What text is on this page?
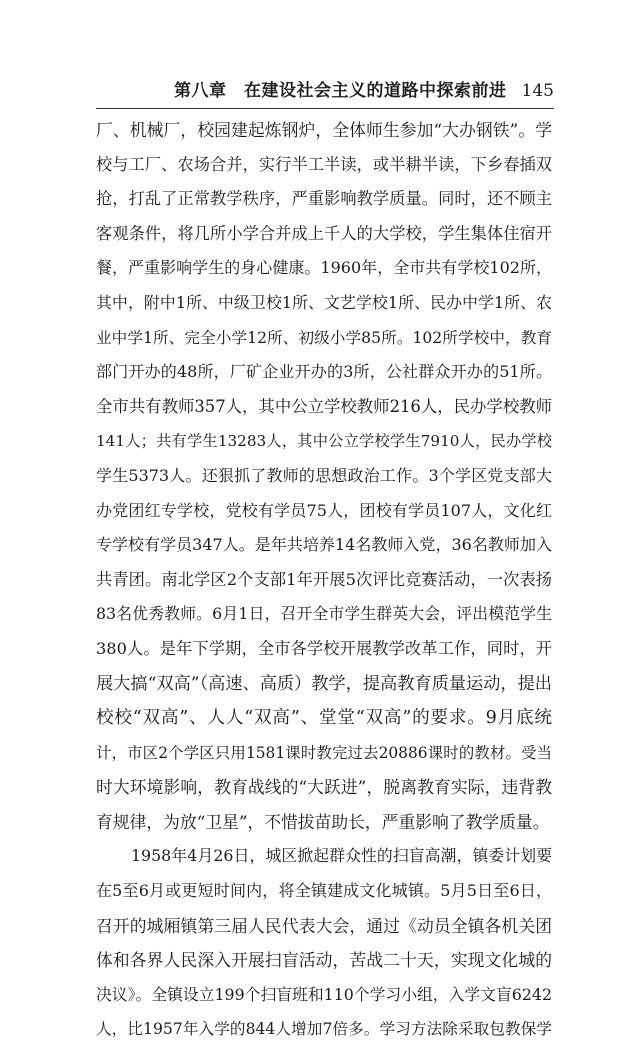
第八章　在建设社会主义的道路中探索前进 145
厂、机械厂，校园建起炼钢炉，全体师生参加“大办钢铁”。学
校与工厂、农场合并，实行半工半读，或半耕半读，下乡春插双
抢，打乱了正常教学秩序，严重影响教学质量。同时，还不顾主
客观条件，将几所小学合并成上千人的大学校，学生集体住宿开
餐，严重影响学生的身心健康。1960年，全市共有学校102所，
其中，附中1所、中级卫校1所、文艺学校1所、民办中学1所、农
业中学1所、完全小学12所、初级小学85所。102所学校中，教育
部门开办的48所，厂矿企业开办的3所，公社群众开办的51所。
全市共有教师357人，其中公立学校教师216人，民办学校教师
141人；共有学生13283人，其中公立学校学生7910人，民办学校
学生5373人。还狠抓了教师的思想政治工作。3个学区党支部大
办党团红专学校，党校有学员75人，团校有学员107人，文化红
专学校有学员347人。是年共培养14名教师入党，36名教师加入
共青团。南北学区2个支部1年开展5次评比竞赛活动，一次表扬
83名优秀教师。6月1日，召开全市学生群英大会，评出模范学生
380人。是年下学期，全市各学校开展教学改革工作，同时，开
展大搞“双高”（高速、高质）教学，提高教育质量运动，提出
校校“双高”、人人“双高”、堂堂“双高”的要求。9月底统
计，市区2个学区只用1581课时教完过去20886课时的教材。受当
时大环境影响，教育战线的“大跃进”，脱离教育实际，违背教
育规律，为放“卫星”，不惜拔苗助长，严重影响了教学质量。
1958年4月26日，城区掀起群众性的扫盲高潮，镇委计划要
在5至6月或更短时间内，将全镇建成文化城镇。5月5日至6日，
召开的城厢镇第三届人民代表大会，通过《动员全镇各机关团
体和各界人民深入开展扫盲活动，苦战二十天，实现文化城的
决议》。全镇设立199个扫盲班和110个学习小组，入学文盲6242
人，比1957年入学的844人增加7倍多。学习方法除采取包教保学
